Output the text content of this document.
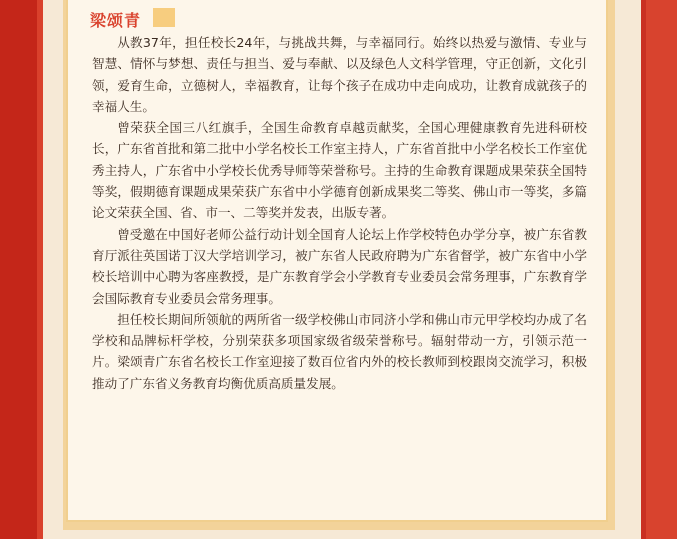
梁颂青

从教37年，担任校长24年，与挑战共舞，与幸福同行。始终以热爱与激情、专业与智慧、情怀与梦想、责任与担当、爱与奉献、以及绿色人文科学管理，守正创新，文化引领，爱育生命，立德树人，幸福教育，让每个孩子在成功中走向成功，让教育成就孩子的幸福人生。

曾荣获全国三八红旗手，全国生命教育卓越贡献奖，全国心理健康教育先进科研校长，广东省首批和第二批中小学名校长工作室主持人，广东省首批中小学名校长工作室优秀主持人，广东省中小学校长优秀导师等荣誉称号。主持的生命教育课题成果荣获全国特等奖，假期德育课题成果荣获广东省中小学德育创新成果奖二等奖、佛山市一等奖，多篇论文荣获全国、省、市一、二等奖并发表，出版专著。

曾受邀在中国好老师公益行动计划全国育人论坛上作学校特色办学分享，被广东省教育厅派往英国诺丁汉大学培训学习，被广东省人民政府聘为广东省督学，被广东省中小学校长培训中心聘为客座教授，是广东教育学会小学教育专业委员会常务理事，广东教育学会国际教育专业委员会常务理事。

担任校长期间所领航的两所省一级学校佛山市同济小学和佛山市元甲学校均办成了名学校和品牌标杆学校，分别荣获多项国家级省级荣誉称号。辐射带动一方，引领示范一片。梁颂青广东省名校长工作室迎接了数百位省内外的校长教师到校跟岗交流学习，积极推动了广东省义务教育均衡优质高质量发展。
